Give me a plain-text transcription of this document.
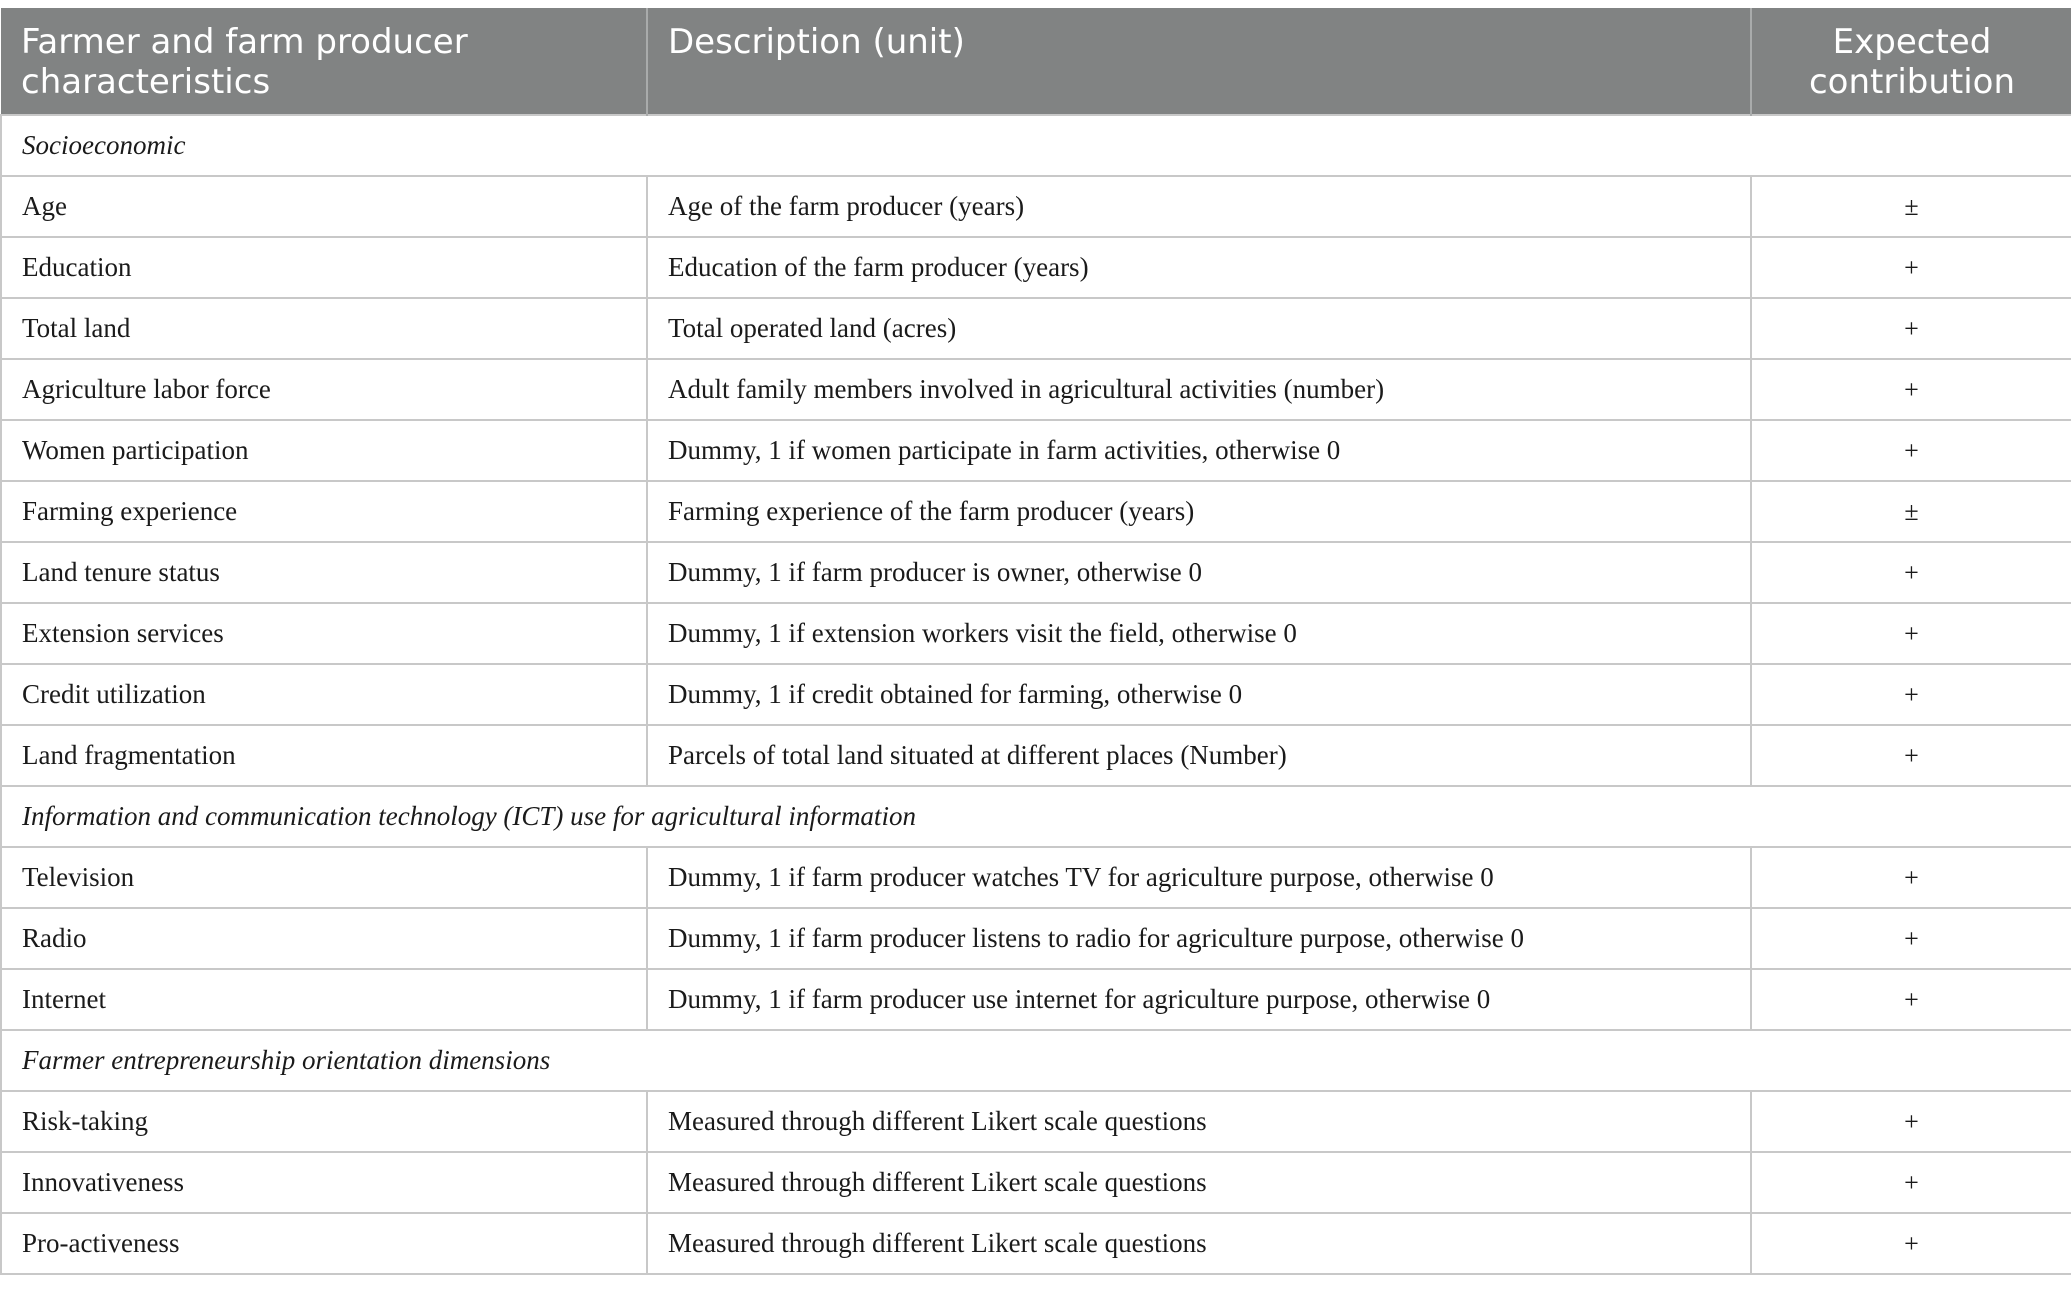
Farmer and farm producer characteristics	Description (unit)	Expected contribution
Socioeconomic		
Age	Age of the farm producer (years)	±
Education	Education of the farm producer (years)	+
Total land	Total operated land (acres)	+
Agriculture labor force	Adult family members involved in agricultural activities (number)	+
Women participation	Dummy, 1 if women participate in farm activities, otherwise 0	+
Farming experience	Farming experience of the farm producer (years)	±
Land tenure status	Dummy, 1 if farm producer is owner, otherwise 0	+
Extension services	Dummy, 1 if extension workers visit the field, otherwise 0	+
Credit utilization	Dummy, 1 if credit obtained for farming, otherwise 0	+
Land fragmentation	Parcels of total land situated at different places (Number)	+
Information and communication technology (ICT) use for agricultural information		
Television	Dummy, 1 if farm producer watches TV for agriculture purpose, otherwise 0	+
Radio	Dummy, 1 if farm producer listens to radio for agriculture purpose, otherwise 0	+
Internet	Dummy, 1 if farm producer use internet for agriculture purpose, otherwise 0	+
Farmer entrepreneurship orientation dimensions		
Risk-taking	Measured through different Likert scale questions	+
Innovativeness	Measured through different Likert scale questions	+
Pro-activeness	Measured through different Likert scale questions	+
